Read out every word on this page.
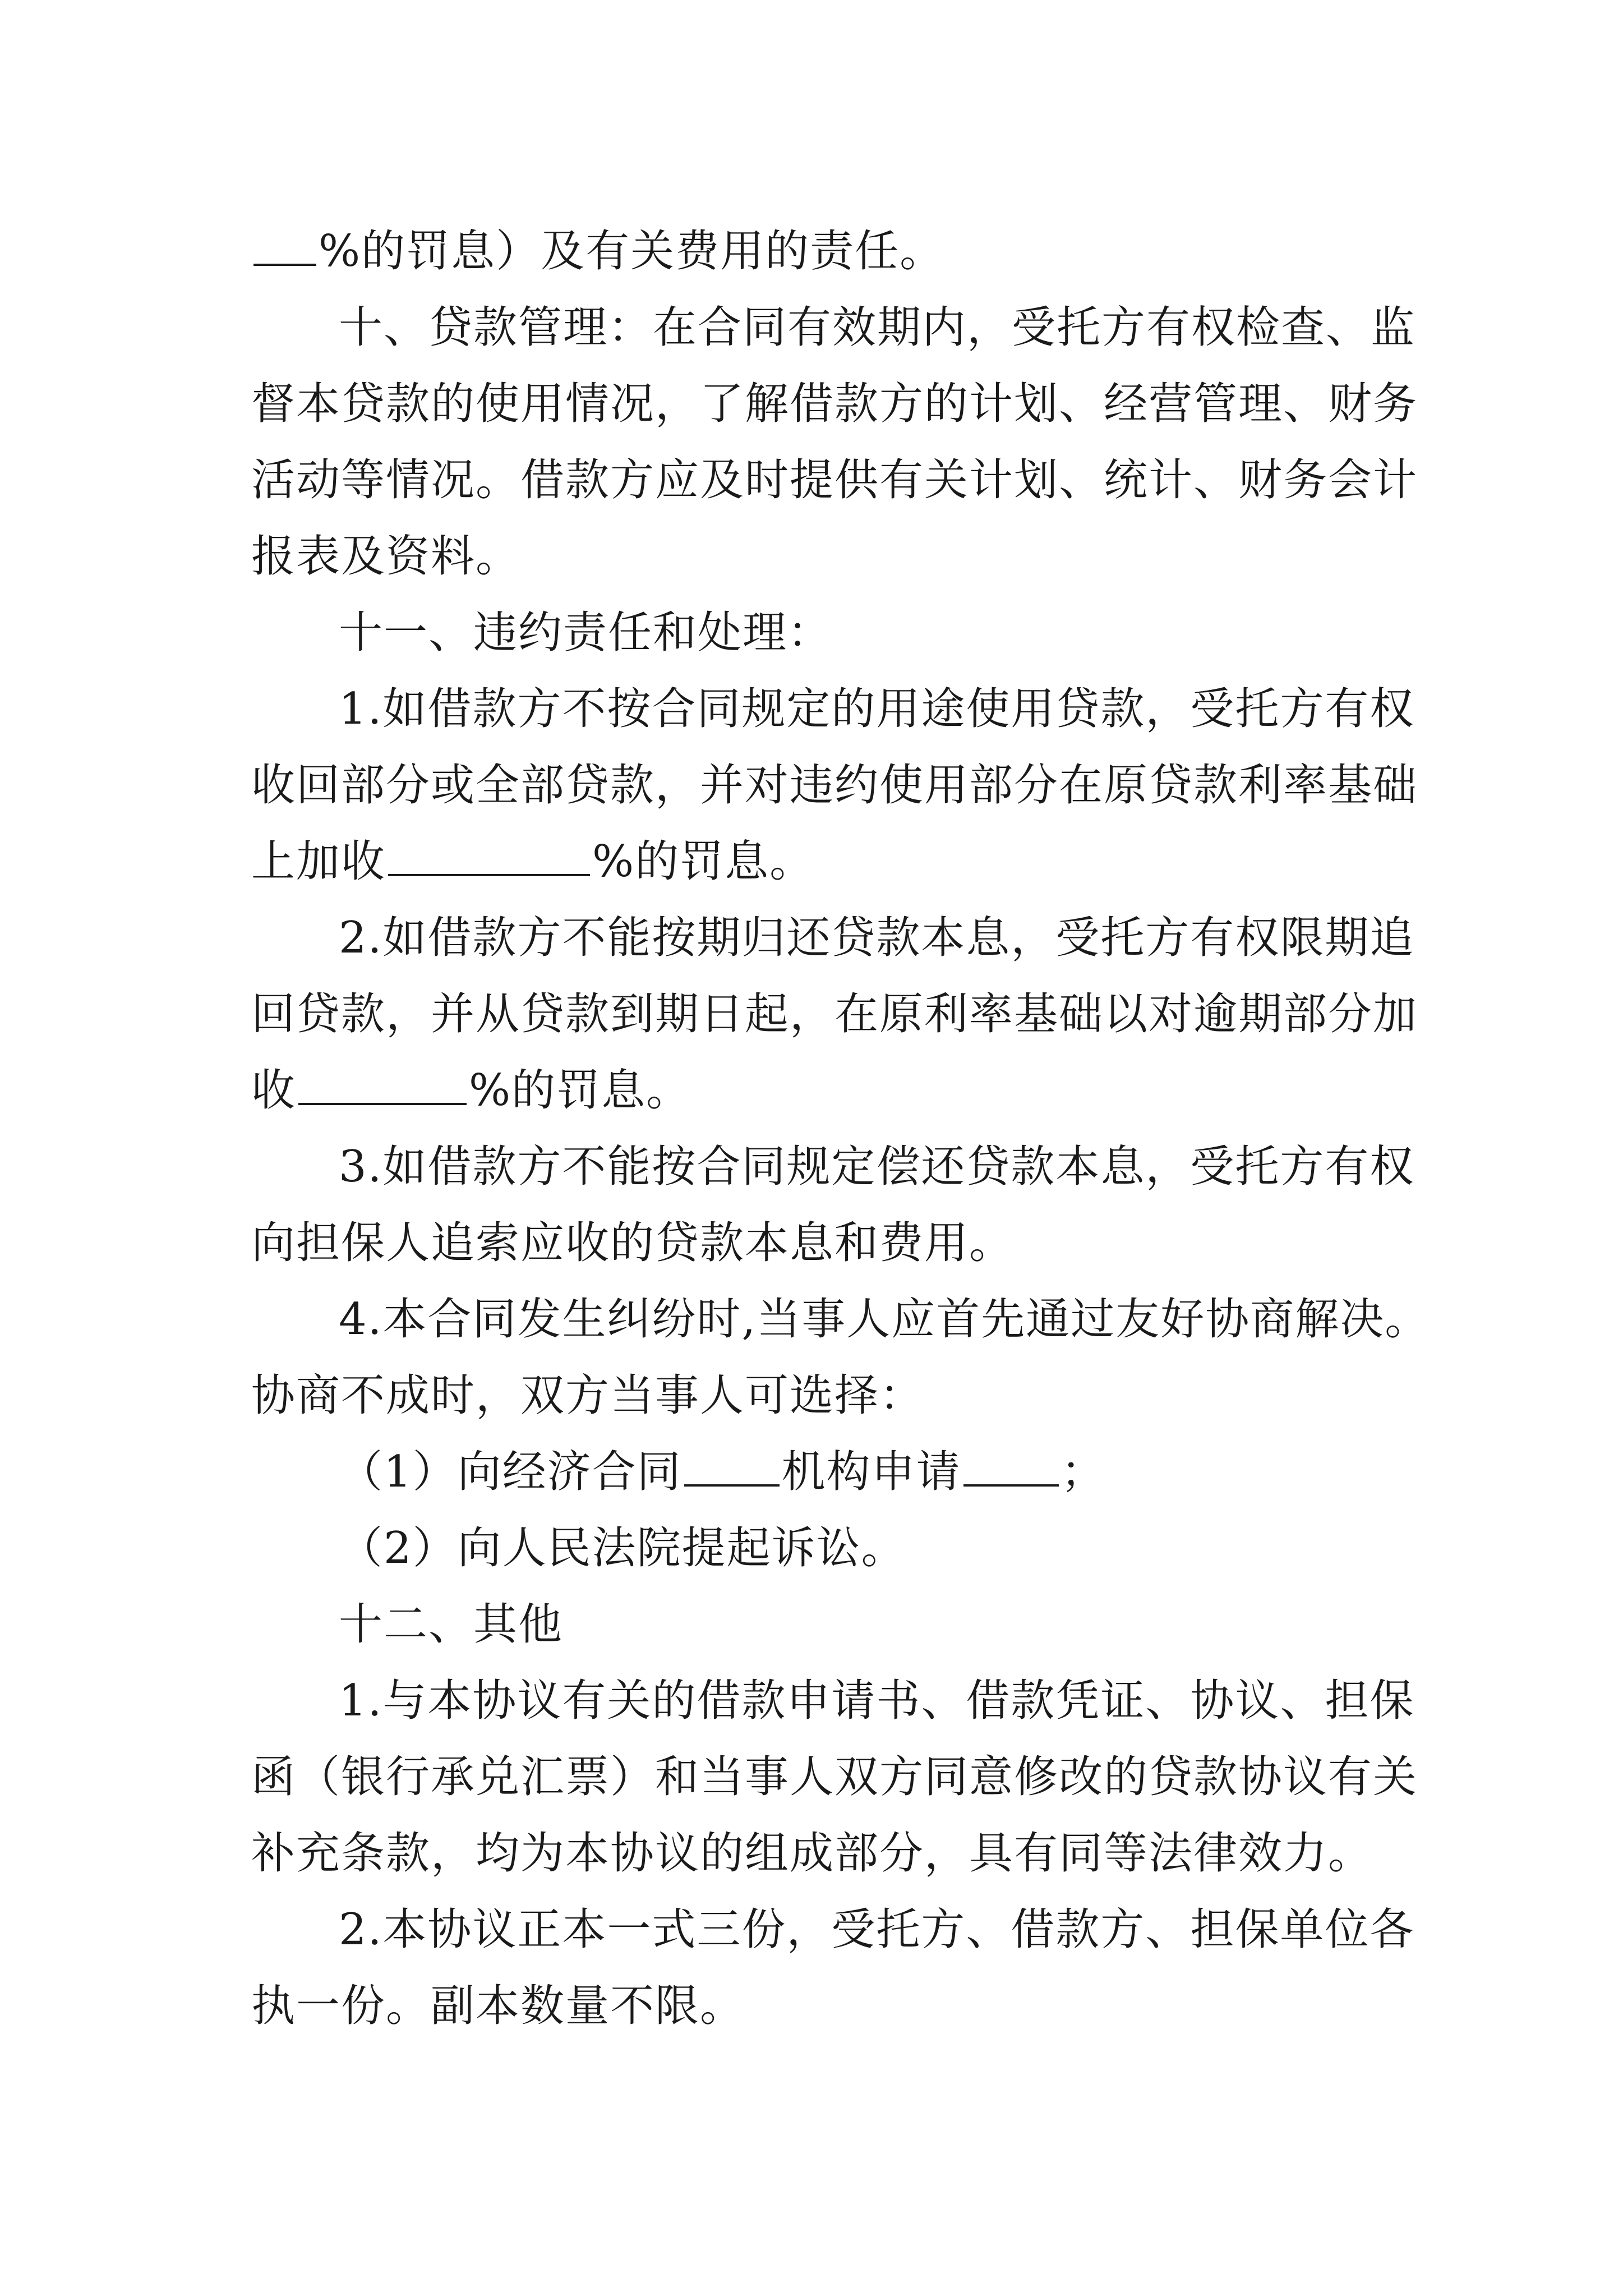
%的罚息）及有关费用的责任。
十、贷款管理：在合同有效期内，受托方有权检查、监
督本贷款的使用情况，了解借款方的计划、经营管理、财务
活动等情况。借款方应及时提供有关计划、统计、财务会计
报表及资料。
十一、违约责任和处理：
1.如借款方不按合同规定的用途使用贷款，受托方有权
收回部分或全部贷款，并对违约使用部分在原贷款利率基础
上加收	%的罚息。
2.如借款方不能按期归还贷款本息，受托方有权限期追
回贷款，并从贷款到期日起，在原利率基础以对逾期部分加
收	%的罚息。
3.如借款方不能按合同规定偿还贷款本息，受托方有权
向担保人追索应收的贷款本息和费用。
4.本合同发生纠纷时,当事人应首先通过友好协商解决。
协商不成时，双方当事人可选择：
（1）向经济合同 机构申请 ；
（2）向人民法院提起诉讼。
十二、其他
1.与本协议有关的借款申请书、借款凭证、协议、担保
函（银行承兑汇票）和当事人双方同意修改的贷款协议有关
补充条款，均为本协议的组成部分，具有同等法律效力。
2.本协议正本一式三份，受托方、借款方、担保单位各
执一份。副本数量不限。
